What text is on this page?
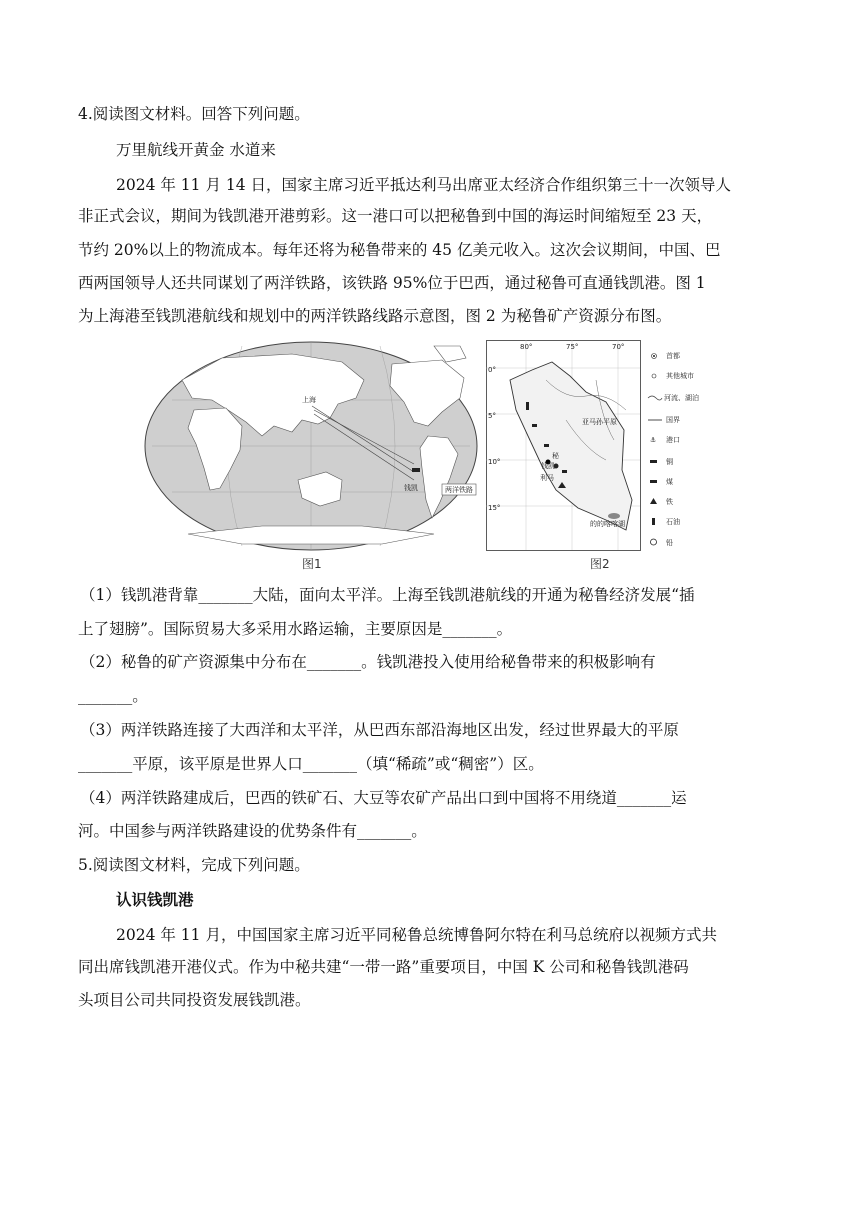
4.阅读图文材料。回答下列问题。
万里航线开黄金 水道来
2024 年 11 月 14 日，国家主席习近平抵达利马出席亚太经济合作组织第三十一次领导人
非正式会议，期间为钱凯港开港剪彩。这一港口可以把秘鲁到中国的海运时间缩短至 23 天，
节约 20%以上的物流成本。每年还将为秘鲁带来的 45 亿美元收入。这次会议期间，中国、巴
西两国领导人还共同谋划了两洋铁路，该铁路 95%位于巴西，通过秘鲁可直通钱凯港。图 1
为上海港至钱凯港航线和规划中的两洋铁路线路示意图，图 2 为秘鲁矿产资源分布图。
上海
钱凯	两洋铁路
图1
80°	75°	70°
0°
5°
10°
15°
秘
钱凯
利马
亚马孙平原
的的喀喀湖
⚓
首都
其他城市
河流、湖泊
国界
港口
铜
煤
铁
石油
铅
图2
（1）钱凯港背靠_______大陆，面向太平洋。上海至钱凯港航线的开通为秘鲁经济发展“插
上了翅膀”。国际贸易大多采用水路运输，主要原因是_______。
（2）秘鲁的矿产资源集中分布在_______。钱凯港投入使用给秘鲁带来的积极影响有
_______。
（3）两洋铁路连接了大西洋和太平洋，从巴西东部沿海地区出发，经过世界最大的平原
_______平原，该平原是世界人口_______（填“稀疏”或“稠密”）区。
（4）两洋铁路建成后，巴西的铁矿石、大豆等农矿产品出口到中国将不用绕道_______运
河。中国参与两洋铁路建设的优势条件有_______。
5.阅读图文材料，完成下列问题。
认识钱凯港
2024 年 11 月，中国国家主席习近平同秘鲁总统博鲁阿尔特在利马总统府以视频方式共
同出席钱凯港开港仪式。作为中秘共建“一带一路”重要项目，中国 K 公司和秘鲁钱凯港码
头项目公司共同投资发展钱凯港。
